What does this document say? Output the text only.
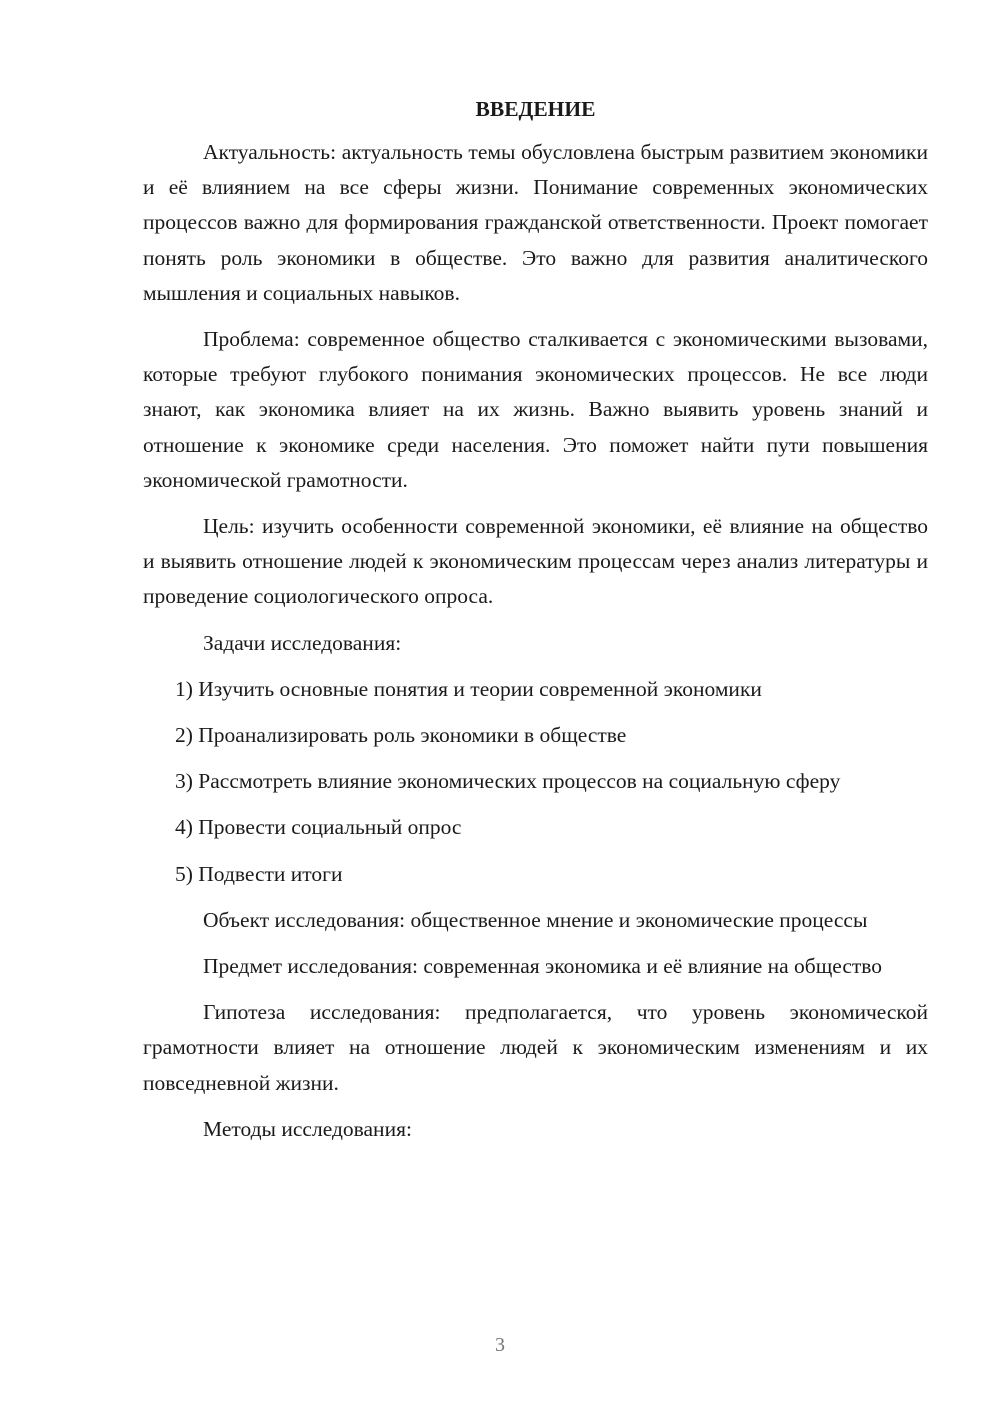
ВВЕДЕНИЕ

Актуальность: актуальность темы обусловлена быстрым развитием экономики и её влиянием на все сферы жизни. Понимание современных экономических процессов важно для формирования гражданской ответственности. Проект помогает понять роль экономики в обществе. Это важно для развития аналитического мышления и социальных навыков.

Проблема: современное общество сталкивается с экономическими вызовами, которые требуют глубокого понимания экономических процессов. Не все люди знают, как экономика влияет на их жизнь. Важно выявить уровень знаний и отношение к экономике среди населения. Это поможет найти пути повышения экономической грамотности.

Цель: изучить особенности современной экономики, её влияние на общество и выявить отношение людей к экономическим процессам через анализ литературы и проведение социологического опроса.

Задачи исследования:

1) Изучить основные понятия и теории современной экономики

2) Проанализировать роль экономики в обществе

3) Рассмотреть влияние экономических процессов на социальную сферу

4) Провести социальный опрос

5) Подвести итоги

Объект исследования: общественное мнение и экономические процессы

Предмет исследования: современная экономика и её влияние на общество

Гипотеза исследования: предполагается, что уровень экономической грамотности влияет на отношение людей к экономическим изменениям и их повседневной жизни.

Методы исследования:

3
